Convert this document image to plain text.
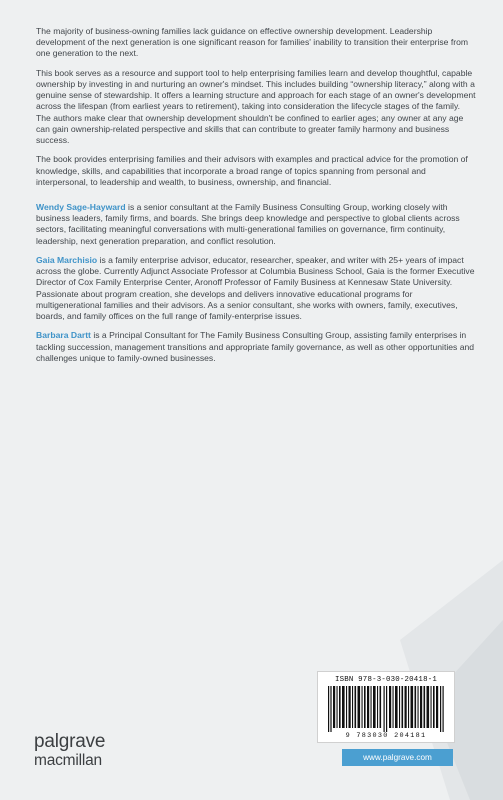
The majority of business-owning families lack guidance on effective ownership development. Leadership development of the next generation is one significant reason for families' inability to transition their enterprise from one generation to the next.

This book serves as a resource and support tool to help enterprising families learn and develop thoughtful, capable ownership by investing in and nurturing an owner's mindset. This includes building “ownership literacy,” along with a genuine sense of stewardship. It offers a learning structure and approach for each stage of an owner's development across the lifespan (from earliest years to retirement), taking into consideration the lifecycle stages of the family. The authors make clear that ownership development shouldn't be confined to earlier ages; any owner at any age can gain ownership-related perspective and skills that can contribute to greater family harmony and business success.

The book provides enterprising families and their advisors with examples and practical advice for the promotion of knowledge, skills, and capabilities that incorporate a broad range of topics spanning from personal and interpersonal, to leadership and wealth, to business, ownership, and financial.

Wendy Sage-Hayward is a senior consultant at the Family Business Consulting Group, working closely with business leaders, family firms, and boards. She brings deep knowledge and perspective to global clients across sectors, facilitating meaningful conversations with multi-generational families on governance, firm continuity, leadership, next generation preparation, and conflict resolution.

Gaia Marchisio is a family enterprise advisor, educator, researcher, speaker, and writer with 25+ years of impact across the globe. Currently Adjunct Associate Professor at Columbia Business School, Gaia is the former Executive Director of Cox Family Enterprise Center, Aronoff Professor of Family Business at Kennesaw State University. Passionate about program creation, she develops and delivers innovative educational programs for multigenerational families and their advisors. As a senior consultant, she works with owners, family, executives, boards, and family offices on the full range of family-enterprise issues.

Barbara Dartt is a Principal Consultant for The Family Business Consulting Group, assisting family enterprises in tackling succession, management transitions and appropriate family governance, as well as other opportunities and challenges unique to family-owned businesses.

ISBN 978-3-030-20418-1
9 783030 204181
palgrave
macmillan	www.palgrave.com
